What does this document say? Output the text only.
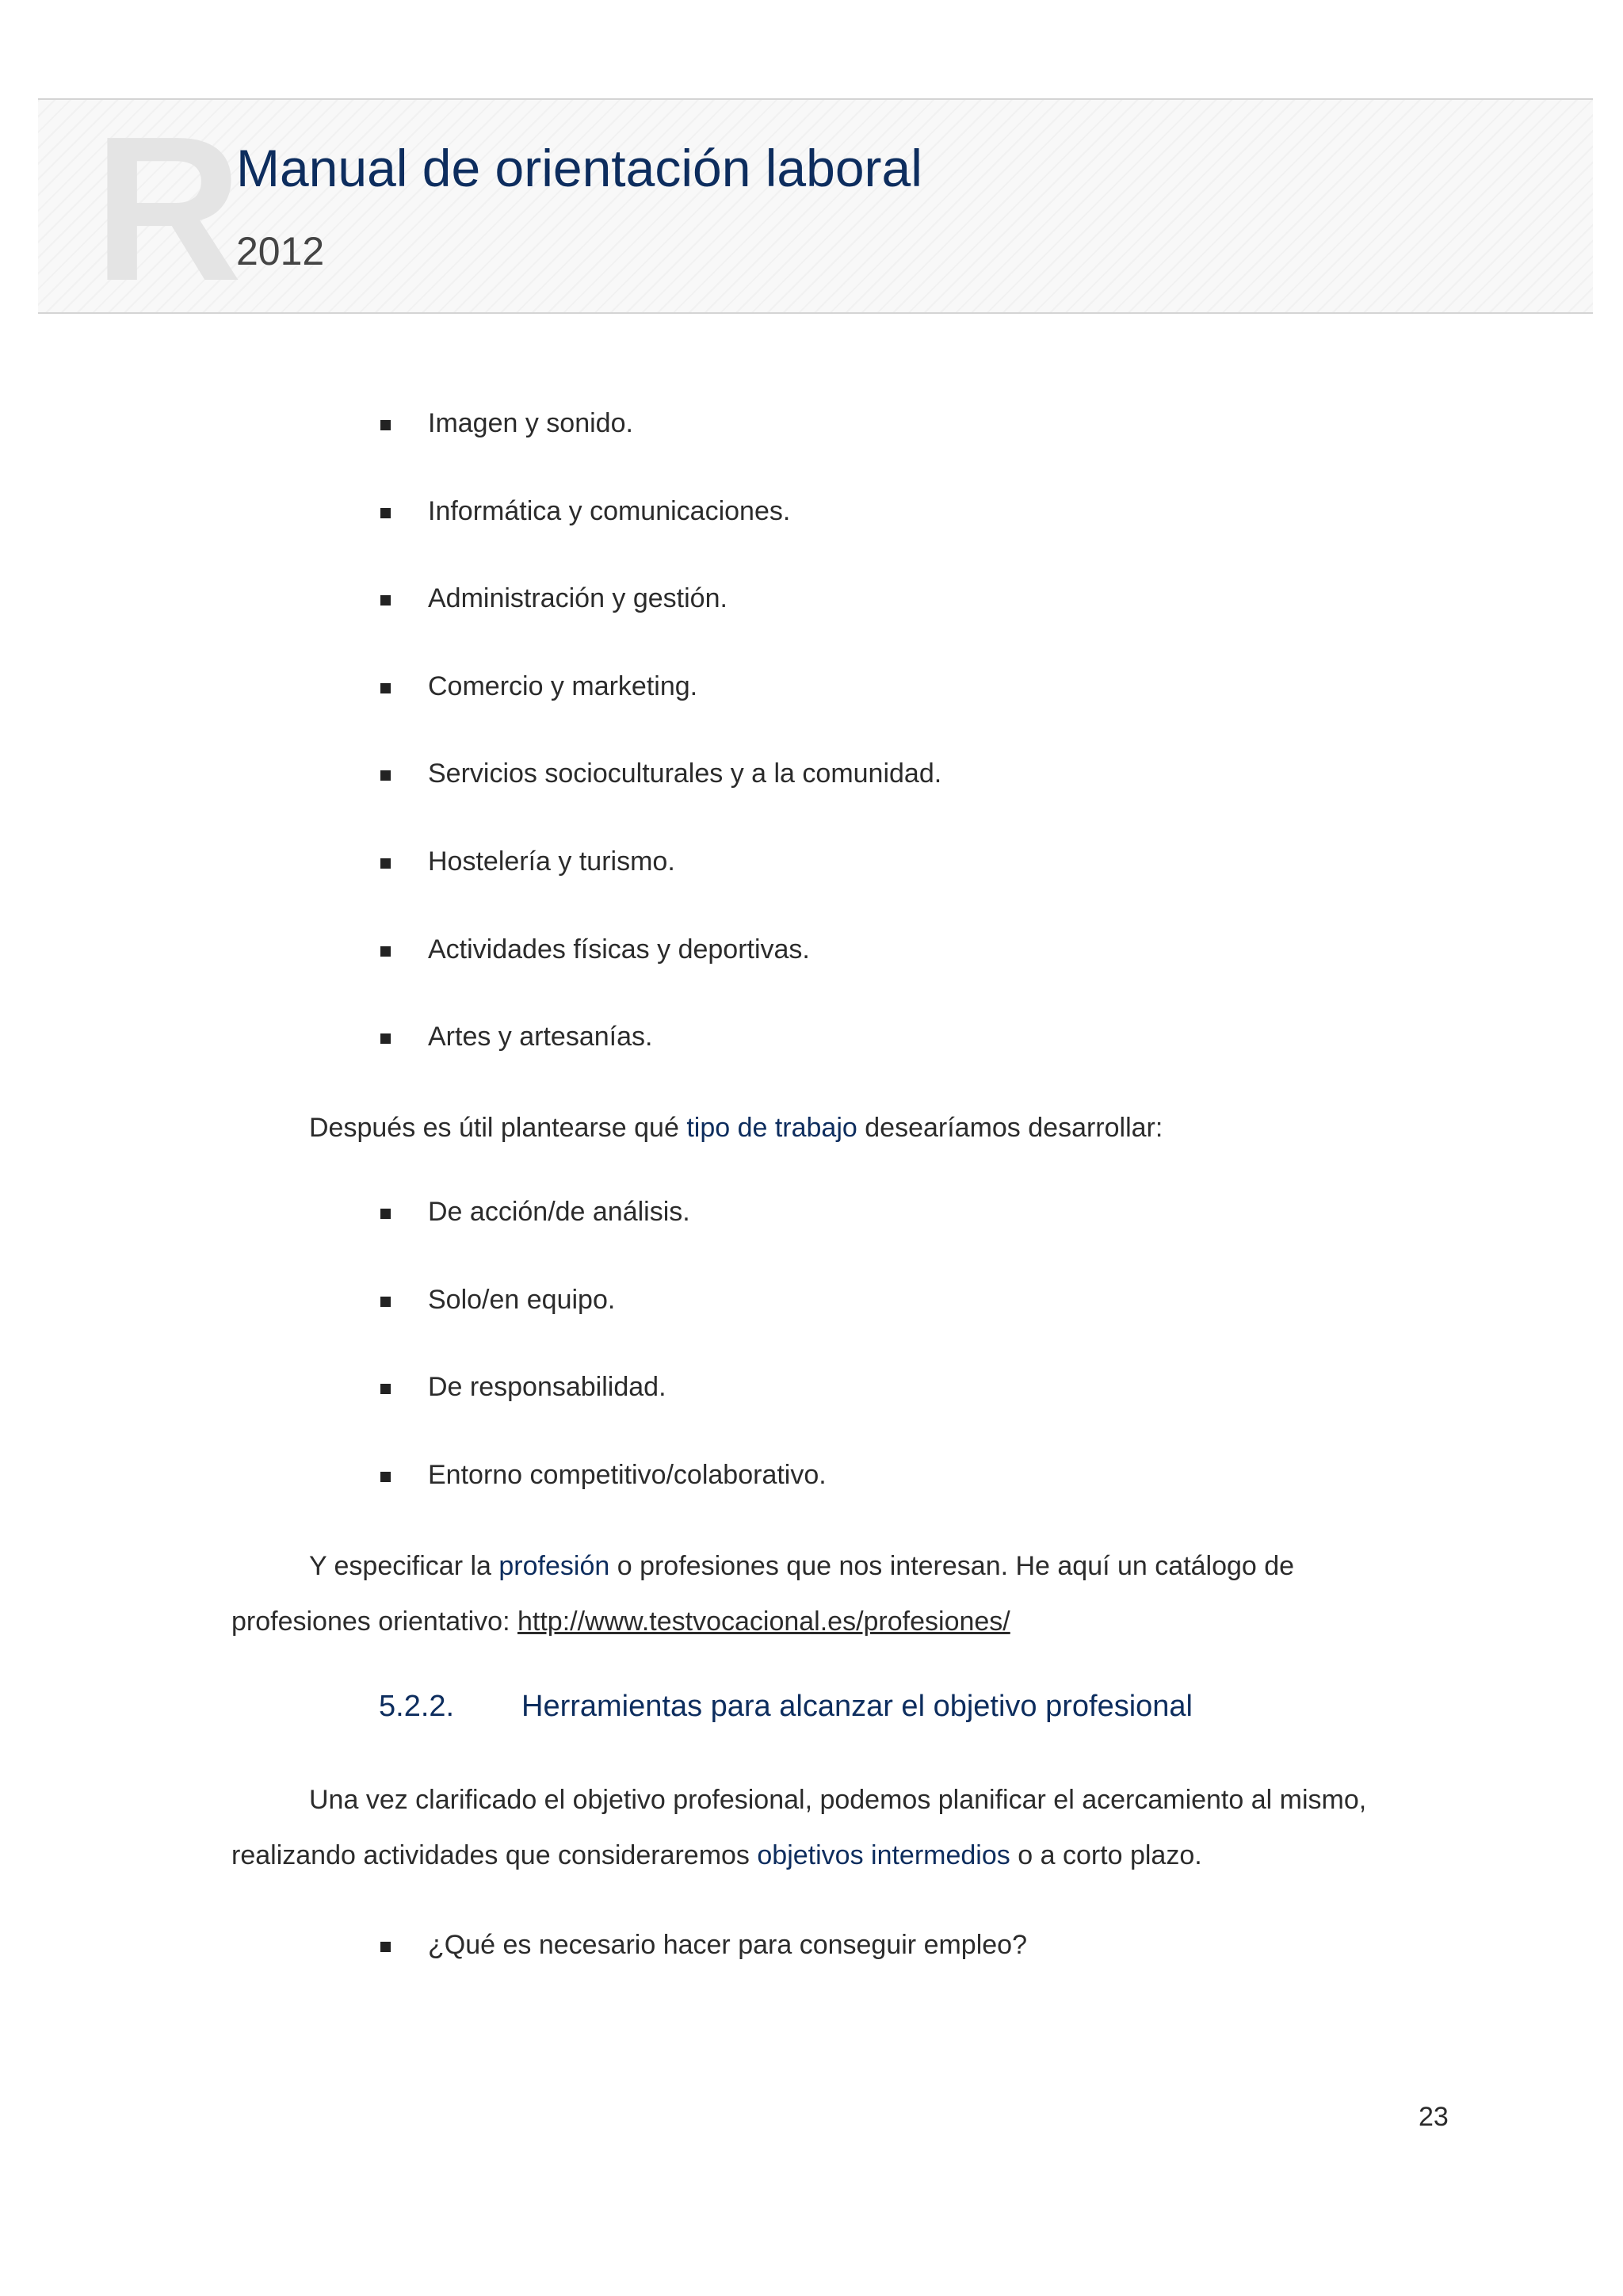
R
Manual de orientación laboral
2012
Imagen y sonido.
Informática y comunicaciones.
Administración y gestión.
Comercio y marketing.
Servicios socioculturales y a la comunidad.
Hostelería y turismo.
Actividades físicas y deportivas.
Artes y artesanías.

Después es útil plantearse qué tipo de trabajo desearíamos desarrollar:

De acción/de análisis.
Solo/en equipo.
De responsabilidad.
Entorno competitivo/colaborativo.

Y especificar la profesión o profesiones que nos interesan. He aquí un catálogo de profesiones orientativo: http://www.testvocacional.es/profesiones/

5.2.2. Herramientas para alcanzar el objetivo profesional

Una vez clarificado el objetivo profesional, podemos planificar el acercamiento al mismo, realizando actividades que consideraremos objetivos intermedios o a corto plazo.

¿Qué es necesario hacer para conseguir empleo?
23
